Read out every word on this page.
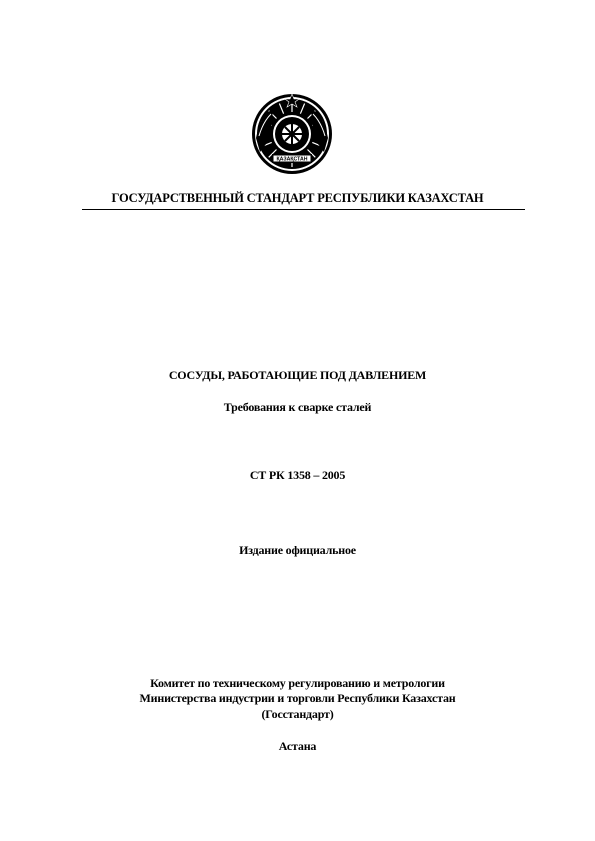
ҚАЗАҚСТАН
ГОСУДАРСТВЕННЫЙ СТАНДАРТ РЕСПУБЛИКИ КАЗАХСТАН
СОСУДЫ, РАБОТАЮЩИЕ ПОД ДАВЛЕНИЕМ
Требования к сварке сталей
СТ РК 1358 – 2005
Издание официальное
Комитет по техническому регулированию и метрологии
Министерства индустрии и торговли Республики Казахстан
(Госстандарт)
Астана
